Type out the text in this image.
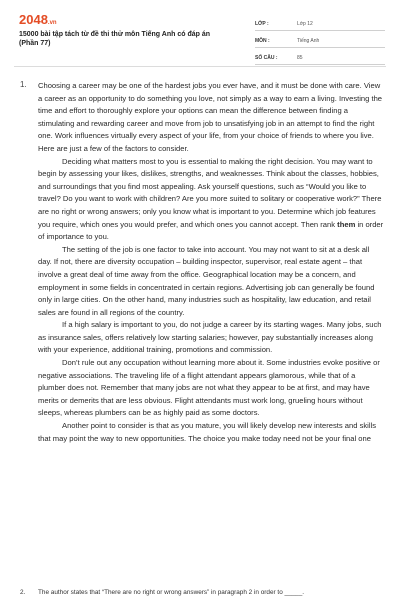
2048.vn
15000 bài tập tách từ đề thi thử môn Tiếng Anh có đáp án
(Phần 77)
LỚP :	Lớp 12
MÔN :	Tiếng Anh
SỐ CÂU :	85
1. Choosing a career may be one of the hardest jobs you ever have, and it must be done with care. View a career as an opportunity to do something you love, not simply as a way to earn a living. Investing the time and effort to thoroughly explore your options can mean the difference between finding a stimulating and rewarding career and move from job to unsatisfying job in an attempt to find the right one. Work influences virtually every aspect of your life, from your choice of friends to where you live. Here are just a few of the factors to consider.

Deciding what matters most to you is essential to making the right decision. You may want to begin by assessing your likes, dislikes, strengths, and weaknesses. Think about the classes, hobbies, and surroundings that you find most appealing. Ask yourself questions, such as “Would you like to travel? Do you want to work with children? Are you more suited to solitary or cooperative work?” There are no right or wrong answers; only you know what is important to you. Determine which job features you require, which ones you would prefer, and which ones you cannot accept. Then rank them in order of importance to you.

The setting of the job is one factor to take into account. You may not want to sit at a desk all day. If not, there are diversity occupation – building inspector, supervisor, real estate agent – that involve a great deal of time away from the office. Geographical location may be a concern, and employment in some fields in concentrated in certain regions. Advertising job can generally be found only in large cities. On the other hand, many industries such as hospitality, law education, and retail sales are found in all regions of the country.

If a high salary is important to you, do not judge a career by its starting wages. Many jobs, such as insurance sales, offers relatively low starting salaries; however, pay substantially increases along with your experience, additional training, promotions and commission.

Don’t rule out any occupation without learning more about it. Some industries evoke positive or negative associations. The traveling life of a flight attendant appears glamorous, while that of a plumber does not. Remember that many jobs are not what they appear to be at first, and may have merits or demerits that are less obvious. Flight attendants must work long, grueling hours without sleeps, whereas plumbers can be as highly paid as some doctors.

Another point to consider is that as you mature, you will likely develop new interests and skills that may point the way to new opportunities. The choice you make today need not be your final one

2. The author states that “There are no right or wrong answers” in paragraph 2 in order to _____.
